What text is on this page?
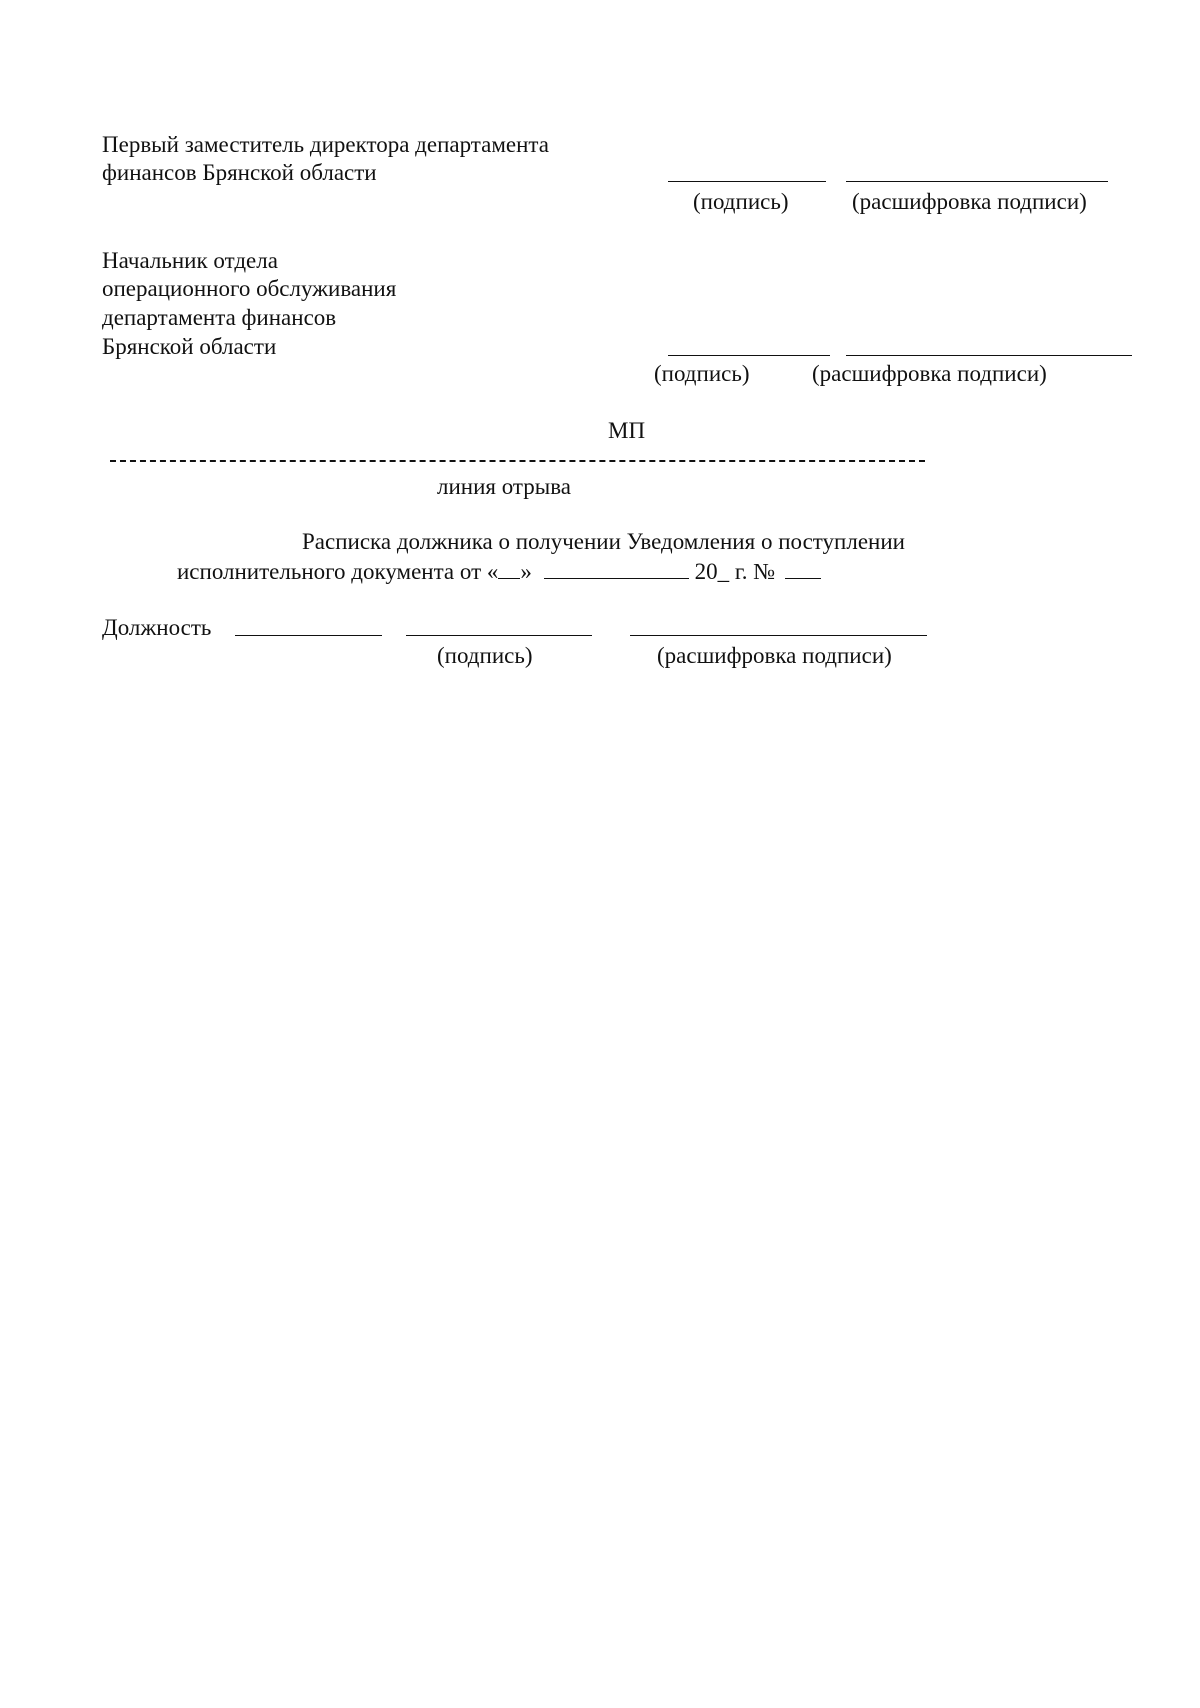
Первый заместитель директора департамента
финансов Брянской области
(подпись)	(расшифровка подписи)
Начальник отдела
операционного обслуживания
департамента финансов
Брянской области
(подпись)	(расшифровка подписи)
МП
линия отрыва
Расписка должника о получении Уведомления о поступлении
исполнительного документа от « »	20_ г. №
Должность
(подпись)	(расшифровка подписи)
